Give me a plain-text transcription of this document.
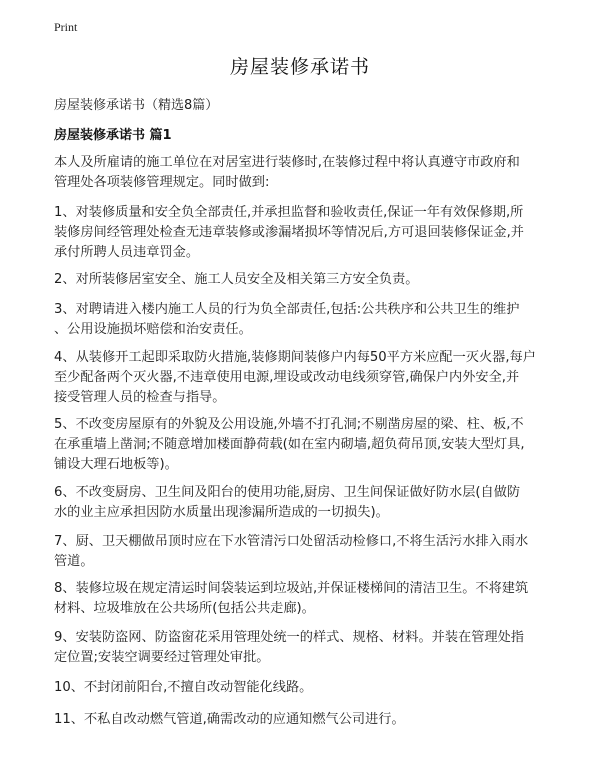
Print
房屋装修承诺书
房屋装修承诺书（精选8篇）
房屋装修承诺书 篇1
本人及所雇请的施工单位在对居室进行装修时,在装修过程中将认真遵守市政府和
管理处各项装修管理规定。同时做到:
1、对装修质量和安全负全部责任,并承担监督和验收责任,保证一年有效保修期,所
装修房间经管理处检查无违章装修或渗漏堵损坏等情况后,方可退回装修保证金,并
承付所聘人员违章罚金。
2、对所装修居室安全、施工人员安全及相关第三方安全负责。
3、对聘请进入楼内施工人员的行为负全部责任,包括:公共秩序和公共卫生的维护
、公用设施损坏赔偿和治安责任。
4、从装修开工起即采取防火措施,装修期间装修户内每50平方米应配一灭火器,每户
至少配备两个灭火器,不违章使用电源,埋设或改动电线须穿管,确保户内外安全,并
接受管理人员的检查与指导。
5、不改变房屋原有的外貌及公用设施,外墙不打孔洞;不剔凿房屋的梁、柱、板,不
在承重墙上凿洞;不随意增加楼面静荷载(如在室内砌墙,超负荷吊顶,安装大型灯具,
铺设大理石地板等)。
6、不改变厨房、卫生间及阳台的使用功能,厨房、卫生间保证做好防水层(自做防
水的业主应承担因防水质量出现渗漏所造成的一切损失)。
7、厨、卫天棚做吊顶时应在下水管清污口处留活动检修口,不将生活污水排入雨水
管道。
8、装修垃圾在规定清运时间袋装运到垃圾站,并保证楼梯间的清洁卫生。不将建筑
材料、垃圾堆放在公共场所(包括公共走廊)。
9、安装防盗网、防盗窗花采用管理处统一的样式、规格、材料。并装在管理处指
定位置;安装空调要经过管理处审批。
10、不封闭前阳台,不擅自改动智能化线路。
11、不私自改动燃气管道,确需改动的应通知燃气公司进行。
